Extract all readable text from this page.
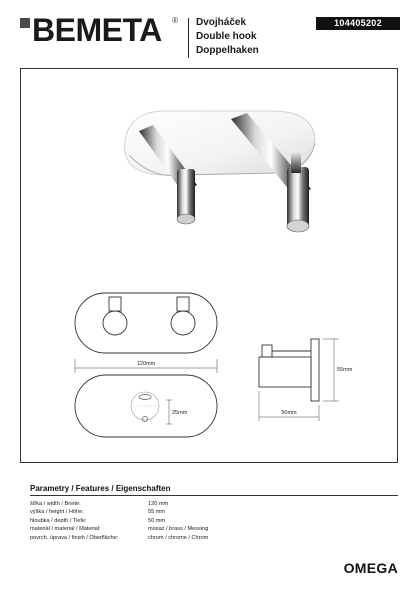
BEMETA ® Dvojháček
Double hook
Doppelhaken
104405202
120mm
25mm
55mm
50mm
Parametry / Features / Eigenschaften
šířka / width / Breite:	120 mm
výška / height / Höhe:	55 mm
hloubka / depth / Tiefe:	50 mm
materiál / material / Material:	mosaz / brass / Messing
povrch. úprava / finish / Oberfläche:	chrom / chrome / Chrom
OMEGA
